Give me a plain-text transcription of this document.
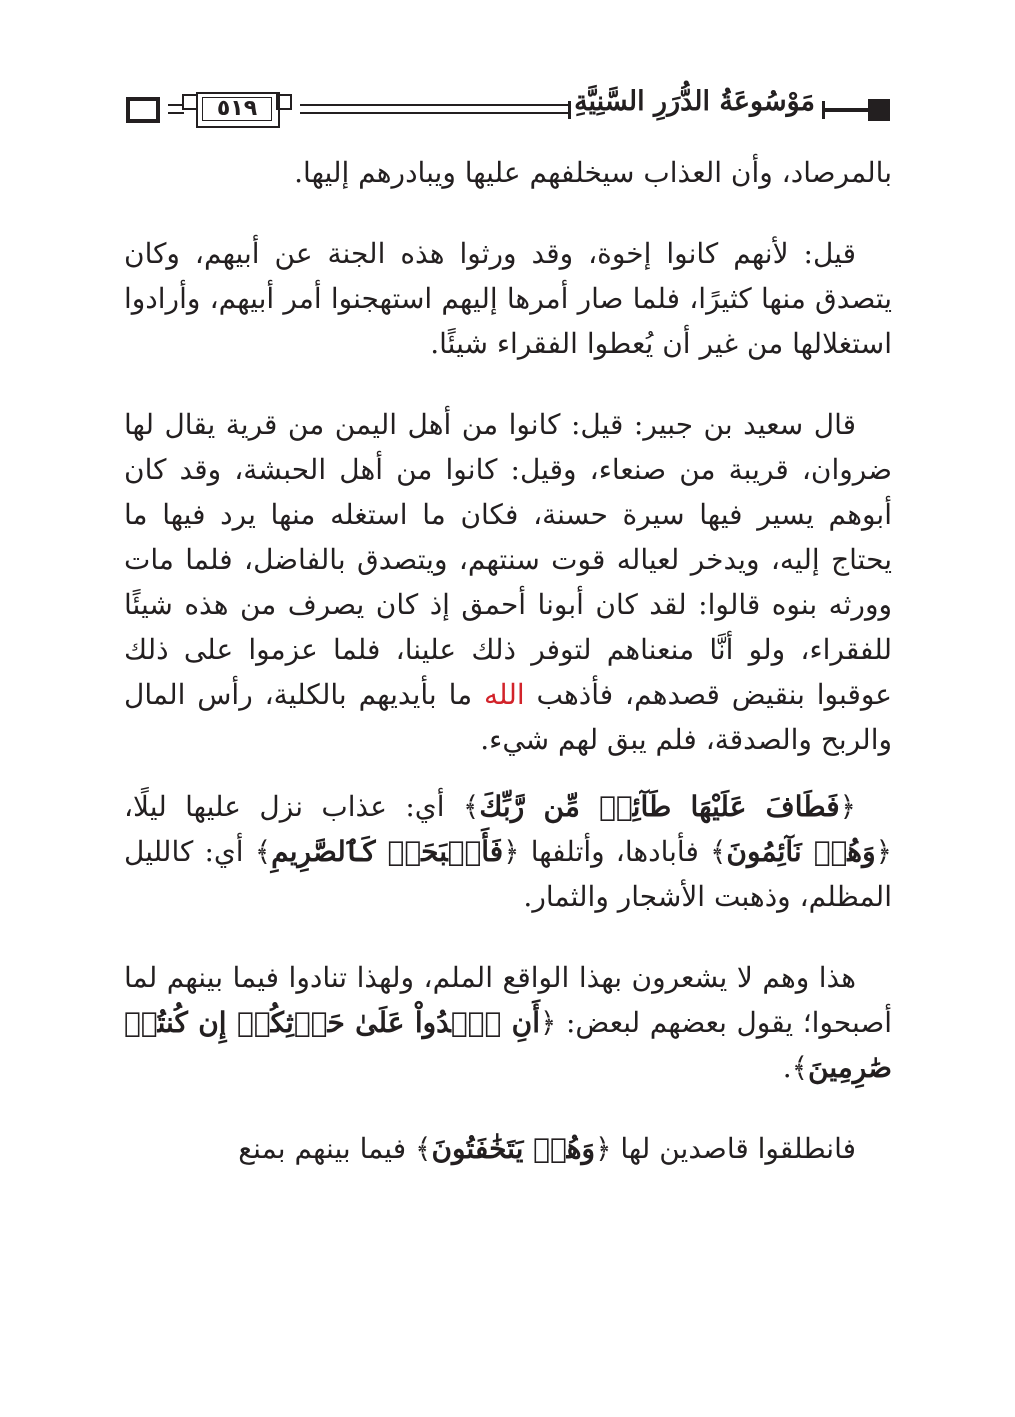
مَوْسُوعَةُ الدُّرَرِ السَّنِيَّةِ
٥١٩

بالمرصاد، وأن العذاب سيخلفهم عليها ويبادرهم إليها.

قيل: لأنهم كانوا إخوة، وقد ورثوا هذه الجنة عن أبيهم، وكان يتصدق منها كثيرًا، فلما صار أمرها إليهم استهجنوا أمر أبيهم، وأرادوا استغلالها من غير أن يُعطوا الفقراء شيئًا.

قال سعيد بن جبير: قيل: كانوا من أهل اليمن من قرية يقال لها ضروان، قريبة من صنعاء، وقيل: كانوا من أهل الحبشة، وقد كان أبوهم يسير فيها سيرة حسنة، فكان ما استغله منها يرد فيها ما يحتاج إليه، ويدخر لعياله قوت سنتهم، ويتصدق بالفاضل، فلما مات وورثه بنوه قالوا: لقد كان أبونا أحمق إذ كان يصرف من هذه شيئًا للفقراء، ولو أنَّا منعناهم لتوفر ذلك علينا، فلما عزموا على ذلك عوقبوا بنقيض قصدهم، فأذهب الله ما بأيديهم بالكلية، رأس المال والربح والصدقة، فلم يبق لهم شيء.

﴿فَطَافَ عَلَيْهَا طَآئِفٞ مِّن رَّبِّكَ﴾ أي: عذاب نزل عليها ليلًا، ﴿وَهُمۡ نَآئِمُونَ﴾ فأبادها، وأتلفها ﴿فَأَصۡبَحَتۡ كَٱلصَّرِيمِ﴾ أي: كالليل المظلم، وذهبت الأشجار والثمار.

هذا وهم لا يشعرون بهذا الواقع الملم، ولهذا تنادوا فيما بينهم لما أصبحوا؛ يقول بعضهم لبعض: ﴿أَنِ ٱغۡدُواْ عَلَىٰ حَرۡثِكُمۡ إِن كُنتُمۡ صَٰرِمِينَ﴾.

فانطلقوا قاصدين لها ﴿وَهُمۡ يَتَخَٰفَتُونَ﴾ فيما بينهم بمنع
